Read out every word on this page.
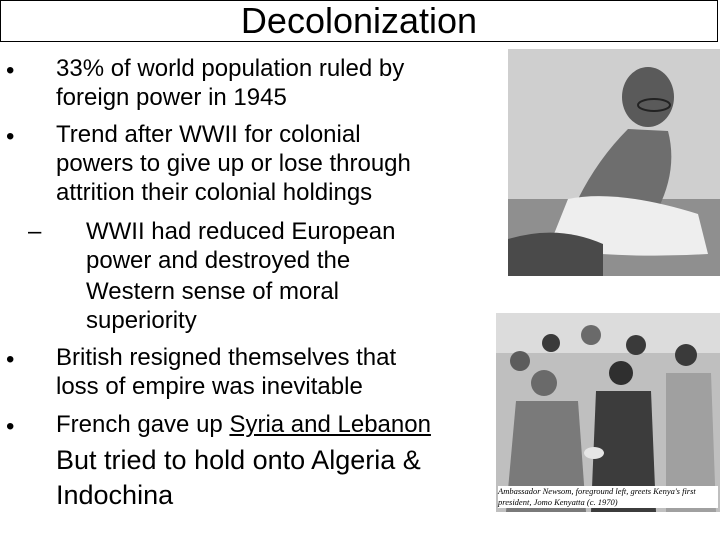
Decolonization
• 33% of world population ruled by
foreign power in 1945
• Trend after WWII for colonial
powers to give up or lose through
attrition their colonial holdings
– WWII had reduced European
power and destroyed the
Western sense of moral
superiority
• British resigned themselves that
loss of empire was inevitable
• French gave up Syria and Lebanon
But tried to hold onto Algeria &
Indochina	Ambassador Newsom, foreground left, greets Kenya's first president, Jomo Kenyatta (c. 1970)
